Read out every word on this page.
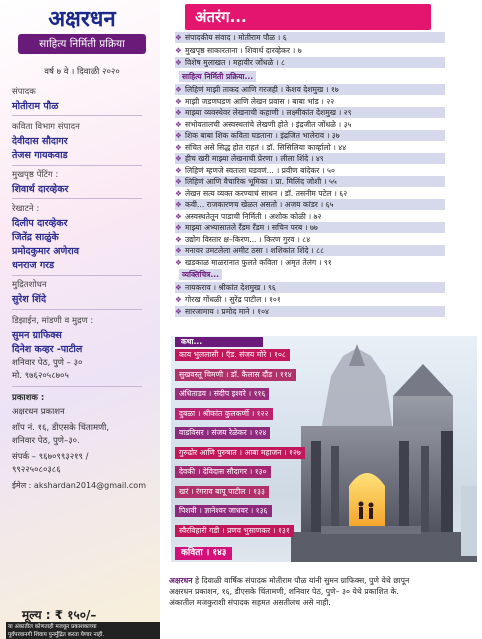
अक्षरधन
साहित्य निर्मिती प्रक्रिया
वर्ष ७ वे । दिवाळी २०२०
संपादक
मोतीराम पौळ
कविता विभाग संपादन
देवीदास सौदागर
तेजस गायकवाड
मुखपृष्ठ पेंटिंग :
शिवार्थ दारव्हेकर
रेखाटने :
दिलीप दारव्हेकर
जितेंद्र साळुंके
प्रमोदकुमार अणेराव
धनराज गरड
मुद्रितशोधन
सुरेश शिंदे
डिझाईन, मांडणी व मुद्रण :
सुमन ग्राफिक्स
दिनेश कव्हर -पाटील
शनिवार पेठ, पुणे – ३०
मो. ९७६२०५८७०५
प्रकाशक :
अक्षरधन प्रकाशन
शॉप नं. १६, डीएसके चिंतामणी,
शनिवार पेठ, पुणे–३०.
संपर्क – ९६७०९९३२१९ /
९९२२५०८०३८६
ईमेल : akshardan2014@gmail.com
मूल्य : ₹ १५०/–
या अंकातील कोणताही मजकूर प्रकाशकाच्या
पूर्वपरवानगी शिवाय पुनर्मुद्रित करता येणार नाही.
अंतरंग...
❖ संपादकीय संवाद । मोतीराम पौळ । ६
❖ मुखपृष्ठ साकारताना । शिवार्थ दारव्हेकर । ७
❖ विशेष मुलाखत । महावीर जोंधळे । ८
साहित्य निर्मिती प्रक्रिया...
❖ लिहिणं माझी ताकद आणि गरजही । केशव देशमुख । १७
❖ माझी जडणघडण आणि लेखन प्रवास । बाबा भांड । २२
❖ माझ्या व्यवस्थेवर लेखनाची कहाणी । लक्ष्मीकांत देशमुख । २९
❖ सभोवतालची अस्वस्थतांचे लेखणी होते । इंद्रजीत जोंधळे । ३५
❖ शिक बाबा शिक कविता घडताना । इंद्रजित भालेराव । ३७
❖ संचित असे सिद्ध होत राहतं । डॉ. सिसिलिया कार्व्हालो । ४४
❖ हीच खरी माझ्या लेखनाची प्रेरणा । लीला शिंदे । ४९
❖ लिहिणं म्हणजे स्वतःला घडवणं... । प्रवीण बांदेकर । ५०
❖ लिहिणं आणि वैचारिक भूमिका । प्रा. मिलिंद जोशी । ५५
❖ लेखन सत्य व्यक्त करण्याचं साधन । डॉ. तसनीम पटेल । ६२
❖ कवी... राजकारणच खेळत असतो । अजय कांडर । ६५
❖ अस्वस्थतेतून पाडाची निर्मिती । अशोक कोळी । ७२
❖ माझ्या अभ्यासातले रँडम रँडम । सचिन परब । ७७
❖ उद्योग विस्तार क्ष–किरण... । किरण गुरव । ८४
❖ मनावर उमटलेला अमीट ठसा । शशिकांत शिंदे । ८८
❖ खडकाळ माळरानात फुलते कविता । अमृत तेलंग । ९१
व्यक्तिचित्र...
❖ नायकराव । श्रीकांत देशमुख । ९६
❖ गोरख गोंधळी । सुरेंद्र पाटील । १०१
❖ सारजामाय । प्रमोद माने । १०४
कथा...
काय भुललासी । ऍड. संजय मोरे । १०८
सुखवस्तू चिमणी । डॉ. कैलास दौंड । ११४
अंधिताडव । संदीप इश्वरे । ११६
दुबळा । श्रीकांत कुलकर्णी । १२२
वाडविसर । संजय रेळेकर । १२४
गुरुढोर आणि पुरुषात । आबा महाजन । १२७
देवकी । देविदास सौदागर । १३०
खरं । रंगराव बापू पाटील । १३३
पिशवी । ज्ञानेश्वर जाधवर । १३६
स्वैरविहारी गडी । प्रणव भुसाणकर । १३१
कविता । १४३
अक्षरधन हे दिवाळी वार्षिक संपादक मोतीराम पौळ यांनी सुमन ग्राफिक्स, पुणे येथे छापून
अक्षरधन प्रकाशन, १६, डीएसके चिंतामणी, शनिवार पेठ, पुणे– ३० येथे प्रकाशित के.
अंकातील मजकुराशी संपादक सहमत असतीलच असे नाही.
